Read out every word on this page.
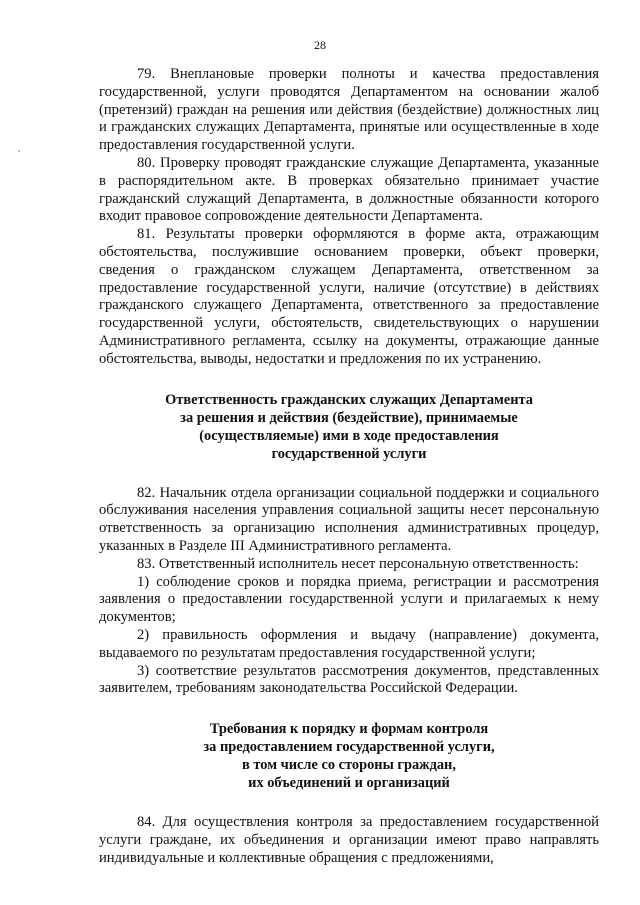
28

79. Внеплановые проверки полноты и качества предоставления государственной, услуги проводятся Департаментом на основании жалоб (претензий) граждан на решения или действия (бездействие) должностных лиц и гражданских служащих Департамента, принятые или осуществленные в ходе предоставления государственной услуги.

80. Проверку проводят гражданские служащие Департамента, указанные в распорядительном акте. В проверках обязательно принимает участие гражданский служащий Департамента, в должностные обязанности которого входит правовое сопровождение деятельности Департамента.

81. Результаты проверки оформляются в форме акта, отражающим обстоятельства, послужившие основанием проверки, объект проверки, сведения о гражданском служащем Департамента, ответственном за предоставление государственной услуги, наличие (отсутствие) в действиях гражданского служащего Департамента, ответственного за предоставление государственной услуги, обстоятельств, свидетельствующих о нарушении Административного регламента, ссылку на документы, отражающие данные обстоятельства, выводы, недостатки и предложения по их устранению.

Ответственность гражданских служащих Департамента
за решения и действия (бездействие), принимаемые
(осуществляемые) ими в ходе предоставления
государственной услуги

82. Начальник отдела организации социальной поддержки и социального обслуживания населения управления социальной защиты несет персональную ответственность за организацию исполнения административных процедур, указанных в Разделе III Административного регламента.

83. Ответственный исполнитель несет персональную ответственность:

1) соблюдение сроков и порядка приема, регистрации и рассмотрения заявления о предоставлении государственной услуги и прилагаемых к нему документов;

2) правильность оформления и выдачу (направление) документа, выдаваемого по результатам предоставления государственной услуги;

3) соответствие результатов рассмотрения документов, представленных заявителем, требованиям законодательства Российской Федерации.

Требования к порядку и формам контроля
за предоставлением государственной услуги,
в том числе со стороны граждан,
их объединений и организаций

84. Для осуществления контроля за предоставлением государственной услуги граждане, их объединения и организации имеют право направлять индивидуальные и коллективные обращения с предложениями,
